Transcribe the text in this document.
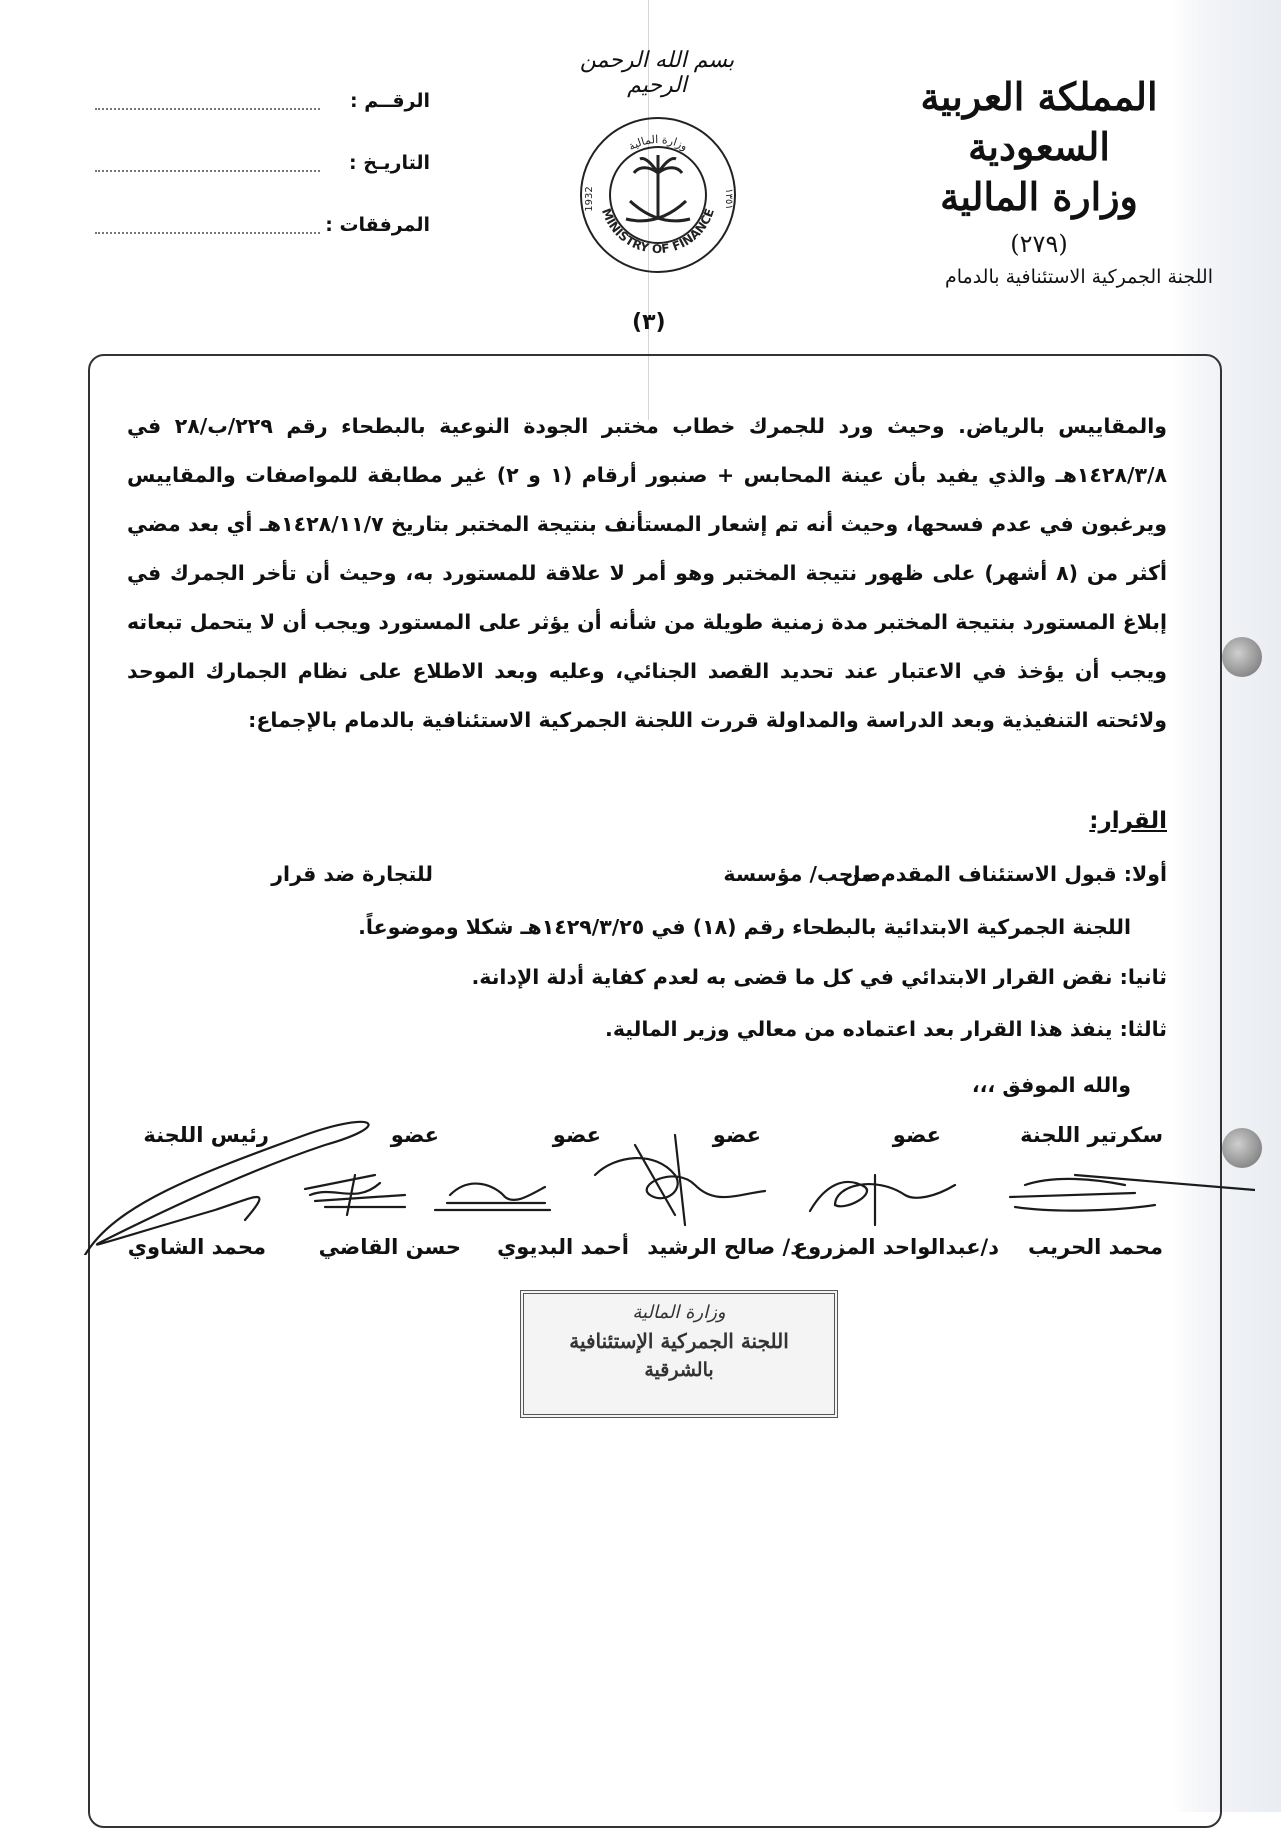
المملكة العربية السعودية
وزارة المالية
(٢٧٩)
اللجنة الجمركية الاستئنافية بالدمام
بسم الله الرحمن الرحيم
وزارة المالية
MINISTRY OF FINANCE
1932	١٣٥١
الرقــم :
التاريـخ :
المرفقات :
(٣)
والمقاييس بالرياض. وحيث ورد للجمرك خطاب مختبر الجودة النوعية بالبطحاء رقم ٢٢٩/ب/٢٨ في ١٤٢٨/٣/٨هـ والذي يفيد بأن عينة المحابس + صنبور أرقام (١ و ٢) غير مطابقة للمواصفات والمقاييس ويرغبون في عدم فسحها، وحيث أنه تم إشعار المستأنف بنتيجة المختبر بتاريخ ١٤٢٨/١١/٧هـ أي بعد مضي أكثر من (٨ أشهر) على ظهور نتيجة المختبر وهو أمر لا علاقة للمستورد به، وحيث أن تأخر الجمرك في إبلاغ المستورد بنتيجة المختبر مدة زمنية طويلة من شأنه أن يؤثر على المستورد ويجب أن لا يتحمل تبعاته ويجب أن يؤخذ في الاعتبار عند تحديد القصد الجنائي، وعليه وبعد الاطلاع على نظام الجمارك الموحد ولائحته التنفيذية وبعد الدراسة والمداولة قررت اللجنة الجمركية الاستئنافية بالدمام بالإجماع:
القرار:
أولا: قبول الاستئناف المقدم من
صاحب/ مؤسسة
للتجارة ضد قرار
اللجنة الجمركية الابتدائية بالبطحاء رقم (١٨) في ١٤٢٩/٣/٢٥هـ شكلا وموضوعاً.
ثانيا: نقض القرار الابتدائي في كل ما قضى به لعدم كفاية أدلة الإدانة.
ثالثا: ينفذ هذا القرار بعد اعتماده من معالي وزير المالية.
والله الموفق ،،،
سكرتير اللجنة
عضو
عضو
عضو
عضو
رئيس اللجنة
محمد الحريب
د/عبدالواحد المزروع
د/ صالح الرشيد
أحمد البديوي
حسن القاضي
محمد الشاوي
وزارة المالية
اللجنة الجمركية الإستئنافية
بالشرقية
